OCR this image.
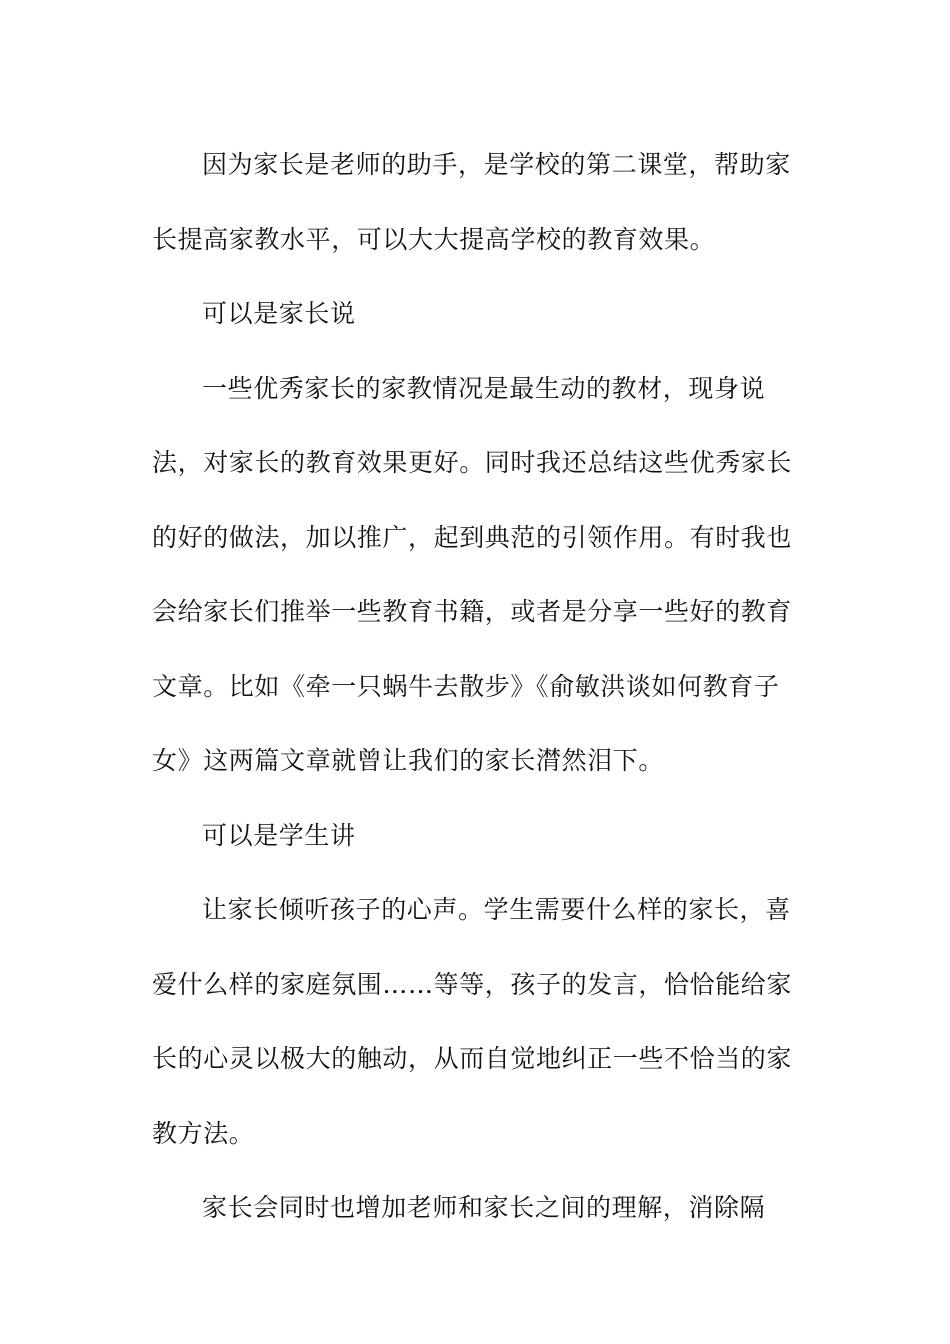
因为家长是老师的助手，是学校的第二课堂，帮助家
长提高家教水平，可以大大提高学校的教育效果。

可以是家长说

一些优秀家长的家教情况是最生动的教材，现身说
法，对家长的教育效果更好。同时我还总结这些优秀家长
的好的做法，加以推广，起到典范的引领作用。有时我也
会给家长们推举一些教育书籍，或者是分享一些好的教育
文章。比如《牵一只蜗牛去散步》《俞敏洪谈如何教育子
女》这两篇文章就曾让我们的家长潸然泪下。

可以是学生讲

让家长倾听孩子的心声。学生需要什么样的家长，喜
爱什么样的家庭氛围……等等，孩子的发言，恰恰能给家
长的心灵以极大的触动，从而自觉地纠正一些不恰当的家
教方法。

家长会同时也增加老师和家长之间的理解，消除隔
